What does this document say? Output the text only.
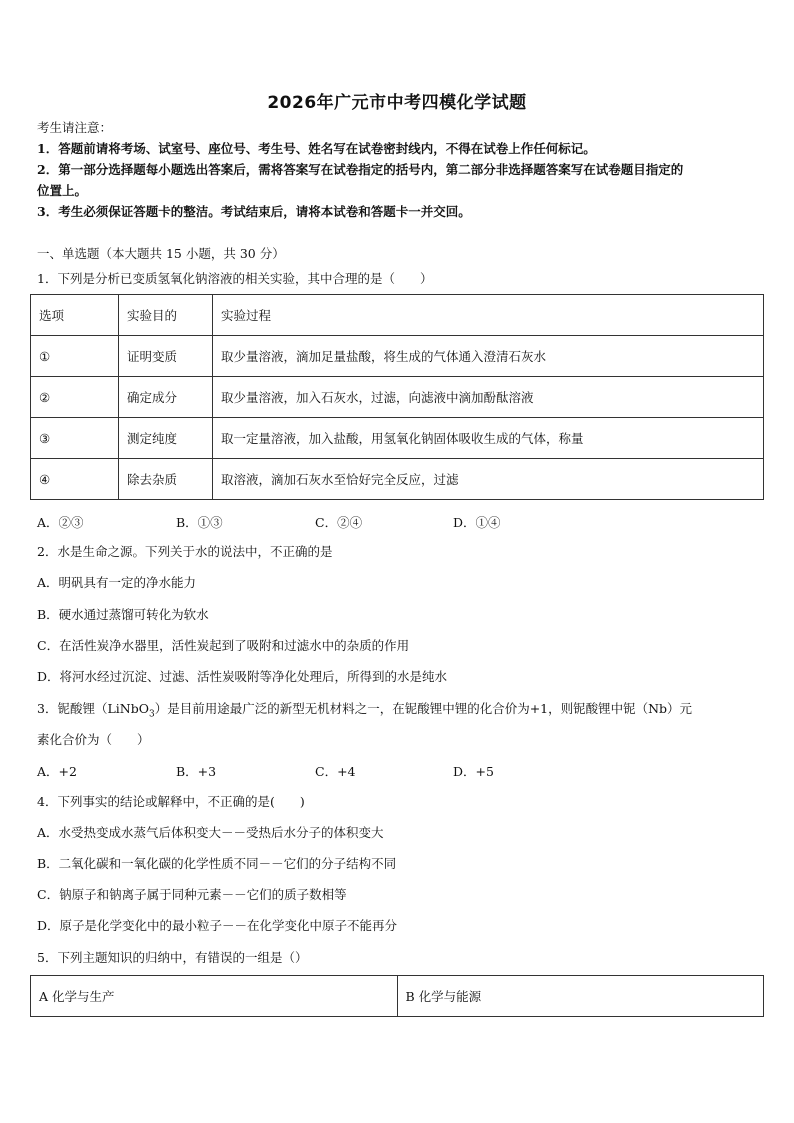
2026年广元市中考四模化学试题
考生请注意：
1．答题前请将考场、试室号、座位号、考生号、姓名写在试卷密封线内，不得在试卷上作任何标记。
2．第一部分选择题每小题选出答案后，需将答案写在试卷指定的括号内，第二部分非选择题答案写在试卷题目指定的
位置上。
3．考生必须保证答题卡的整洁。考试结束后，请将本试卷和答题卡一并交回。
一、单选题（本大题共 15 小题，共 30 分）
1．下列是分析已变质氢氧化钠溶液的相关实验，其中合理的是（　　）
选项	实验目的	实验过程
①	证明变质	取少量溶液，滴加足量盐酸，将生成的气体通入澄清石灰水
②	确定成分	取少量溶液，加入石灰水，过滤，向滤液中滴加酚酞溶液
③	测定纯度	取一定量溶液，加入盐酸，用氢氧化钠固体吸收生成的气体，称量
④	除去杂质	取溶液，滴加石灰水至恰好完全反应，过滤
A．②③	B．①③	C．②④	D．①④
2．水是生命之源。下列关于水的说法中，不正确的是
A．明矾具有一定的净水能力
B．硬水通过蒸馏可转化为软水
C．在活性炭净水器里，活性炭起到了吸附和过滤水中的杂质的作用
D．将河水经过沉淀、过滤、活性炭吸附等净化处理后，所得到的水是纯水
3．铌酸锂（LiNbO$_3$）是目前用途最广泛的新型无机材料之一，在铌酸锂中锂的化合价为+1，则铌酸锂中铌（Nb）元
素化合价为（　　）
A．+2	B．+3	C．+4	D．+5
4．下列事实的结论或解释中，不正确的是(　　)
A．水受热变成水蒸气后体积变大－－受热后水分子的体积变大
B．二氧化碳和一氧化碳的化学性质不同－－它们的分子结构不同
C．钠原子和钠离子属于同种元素－－它们的质子数相等
D．原子是化学变化中的最小粒子－－在化学变化中原子不能再分
5．下列主题知识的归纳中，有错误的一组是（）
A 化学与生产	B 化学与能源
